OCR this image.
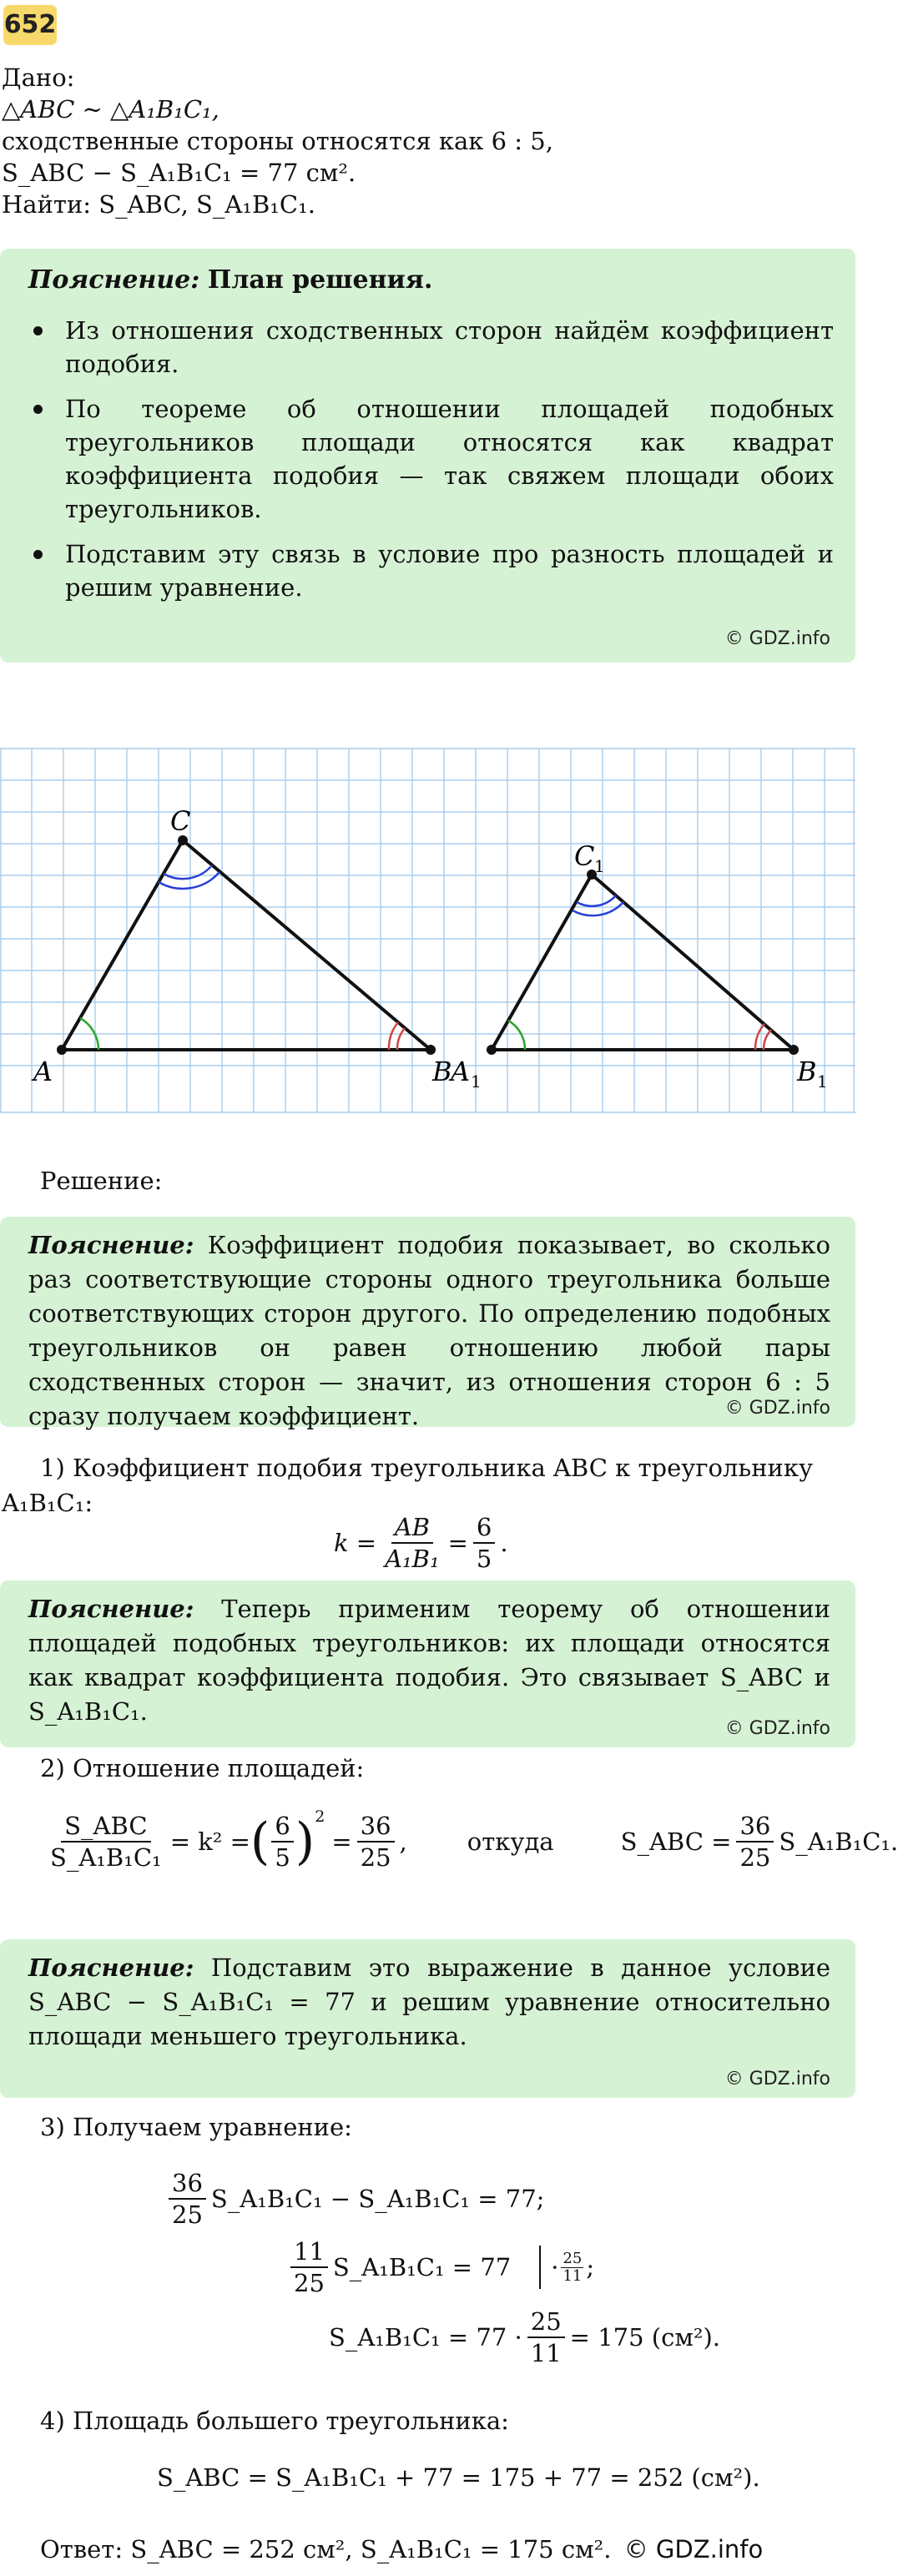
652
Дано:
△ABC ∼ △A₁B₁C₁,
сходственные стороны относятся как 6 : 5,
S_ABC − S_A₁B₁C₁ = 77 см².
Найти: S_ABC, S_A₁B₁C₁.
Пояснение: План решения.
Из отношения сходственных сторон найдём коэффициент подобия.
По теореме об отношении площадей подобных треугольников площади относятся как квадрат коэффициента подобия — так свяжем площади обоих треугольников.
Подставим эту связь в условие про разность площадей и решим уравнение.
© GDZ.info
A
C
B
A 1
C 1
B 1
Решение:
Пояснение: Коэффициент подобия показывает, во сколько раз соответствующие стороны одного треугольника больше соответствующих сторон другого. По определению подобных треугольников он равен отношению любой пары сходственных сторон — значит, из отношения сторон 6 : 5 сразу получаем коэффициент.	© GDZ.info
1) Коэффициент подобия треугольника ABC к треугольнику
A₁B₁C₁:
$k = \frac{AB}{\text{A₁B₁}} = \frac{6}{5}$ .
Пояснение: Теперь применим теорему об отношении площадей подобных треугольников: их площади относятся как квадрат коэффициента подобия. Это связывает S_ABC и S_A₁B₁C₁.
© GDZ.info
2) Отношение площадей:
$\frac{\text{S\_ABC}}{\text{S\_A₁B₁C₁}} = k^2$ = ( $\frac{6}{5} )^2$
= $\frac{36}{25}$ , откуда	S_ABC = $\frac{36}{25}$ S_A₁B₁C₁.
Пояснение: Подставим это выражение в данное условие S_ABC − S_A₁B₁C₁ = 77 и решим уравнение относительно площади меньшего треугольника.
© GDZ.info
3) Получаем уравнение:
$\frac{36}{25}$ S_A₁B₁C₁ − S_A₁B₁C₁ = 77;
$\frac{11}{25}$ S_A₁B₁C₁ = $77 \cdot \frac{25}{11}$ ;
S_A₁B₁C₁ = $77 \cdot \frac{25}{11} = 175$ (см²).
4) Площадь большего треугольника:
S_ABC = S_A₁B₁C₁ + 77 = 175 + 77 = 252 (см²).
Ответ: S_ABC = 252 см², S_A₁B₁C₁ = 175 см². © GDZ.info
